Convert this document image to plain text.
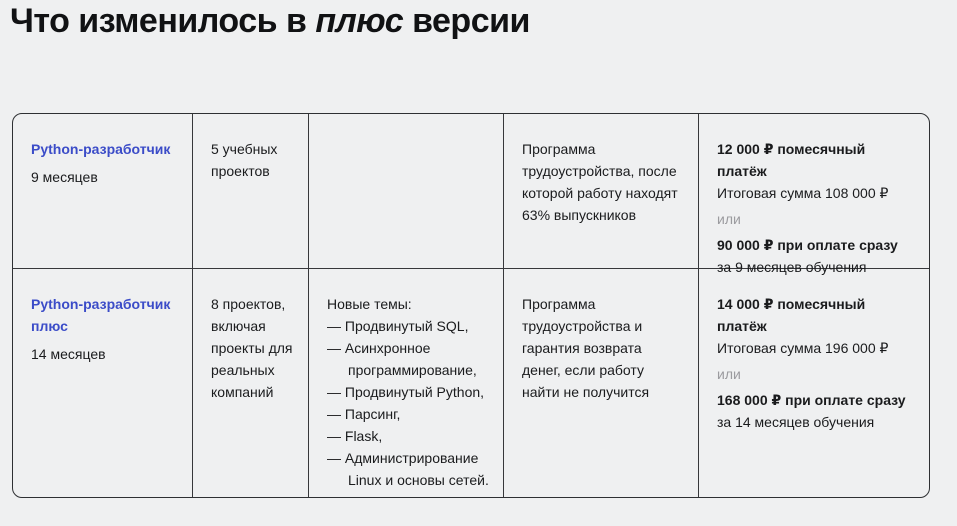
Что изменилось в плюс версии
Python-разработчик
9 месяцев
5 учебных проектов
Программа трудоустройства, после которой работу находят 63% выпускников

12 000 ₽ помесячный платёж

Итоговая сумма 108 000 ₽

или

90 000 ₽ при оплате сразу
за 9 месяцев обучения

Python-разработчик плюс
14 месяцев
8 проектов, включая проекты для реальных компаний
Новые темы:
— Продвинутый SQL,
— Асинхронное программирование,
— Продвинутый Python,
— Парсинг,
— Flask,
— Администрирование Linux и основы сетей.
Программа трудоустройства и гарантия возврата денег, если работу найти не получится

14 000 ₽ помесячный платёж

Итоговая сумма 196 000 ₽

или

168 000 ₽ при оплате сразу
за 14 месяцев обучения
